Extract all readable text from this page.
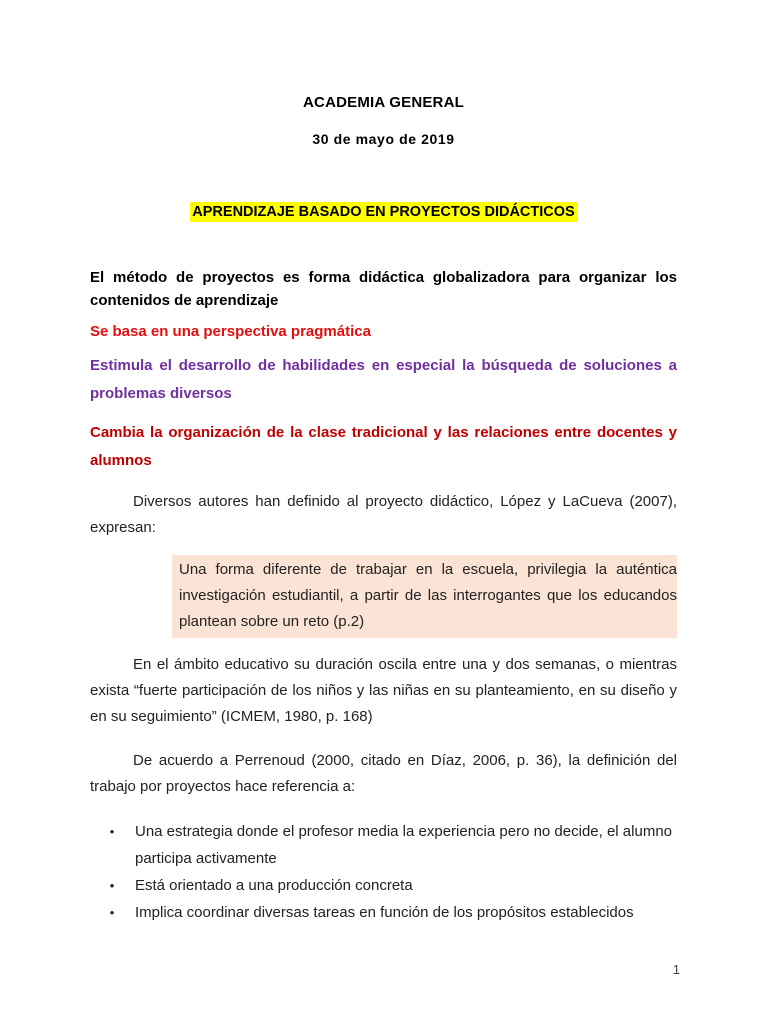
ACADEMIA GENERAL
30 de mayo de 2019
APRENDIZAJE BASADO EN PROYECTOS DIDÁCTICOS
El método de proyectos es forma didáctica globalizadora para organizar los contenidos de aprendizaje
Se basa en una perspectiva pragmática
Estimula el desarrollo de habilidades en especial la búsqueda de soluciones a problemas diversos
Cambia la organización de la clase tradicional y las relaciones entre docentes y alumnos
Diversos autores han definido al proyecto didáctico, López y LaCueva (2007), expresan:
Una forma diferente de trabajar en la escuela, privilegia la auténtica investigación estudiantil, a partir de las interrogantes que los educandos plantean sobre un reto (p.2)
En el ámbito educativo su duración oscila entre una y dos semanas, o mientras exista “fuerte participación de los niños y las niñas en su planteamiento, en su diseño y en su seguimiento” (ICMEM, 1980, p. 168)
De acuerdo a Perrenoud (2000, citado en Díaz, 2006, p. 36), la definición del trabajo por proyectos hace referencia a:
• Una estrategia donde el profesor media la experiencia pero no decide, el alumno participa activamente
• Está orientado a una producción concreta
• Implica coordinar diversas tareas en función de los propósitos establecidos
1
